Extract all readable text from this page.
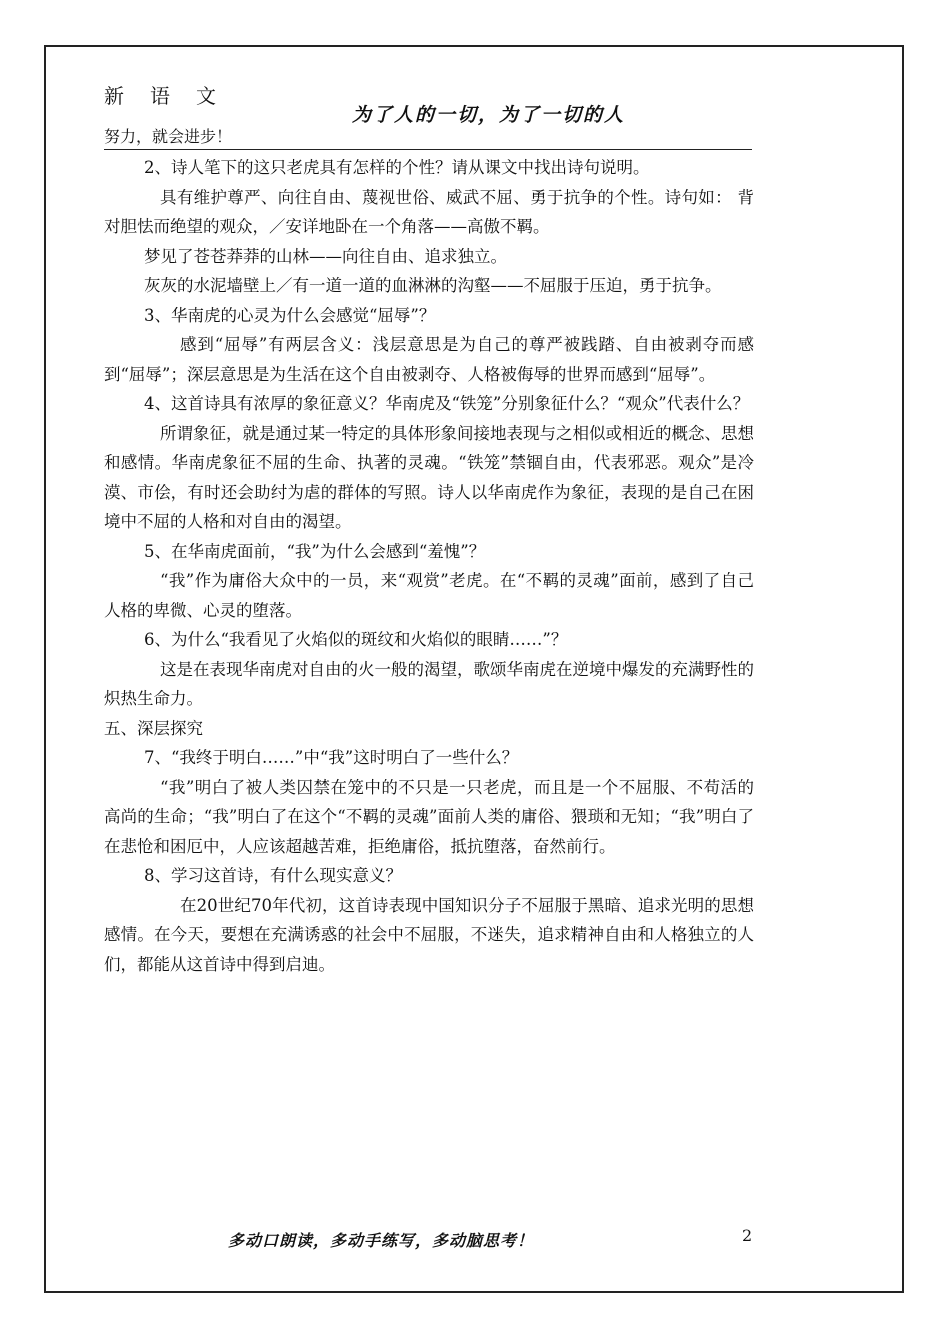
新语文
为了人的一切，为了一切的人
努力，就会进步！

2、诗人笔下的这只老虎具有怎样的个性？请从课文中找出诗句说明。

具有维护尊严、向往自由、蔑视世俗、威武不屈、勇于抗争的个性。诗句如： 背对胆怯而绝望的观众，／安详地卧在一个角落——高傲不羁。

梦见了苍苍莽莽的山林——向往自由、追求独立。

灰灰的水泥墙壁上／有一道一道的血淋淋的沟壑——不屈服于压迫，勇于抗争。

3、华南虎的心灵为什么会感觉“屈辱”？

感到“屈辱”有两层含义：浅层意思是为自己的尊严被践踏、自由被剥夺而感到“屈辱”；深层意思是为生活在这个自由被剥夺、人格被侮辱的世界而感到“屈辱”。

4、这首诗具有浓厚的象征意义？华南虎及“铁笼”分别象征什么？“观众”代表什么？

所谓象征，就是通过某一特定的具体形象间接地表现与之相似或相近的概念、思想和感情。华南虎象征不屈的生命、执著的灵魂。“铁笼”禁锢自由，代表邪恶。观众”是冷漠、市侩，有时还会助纣为虐的群体的写照。诗人以华南虎作为象征，表现的是自己在困境中不屈的人格和对自由的渴望。

5、在华南虎面前，“我”为什么会感到“羞愧”？

“我”作为庸俗大众中的一员，来“观赏”老虎。在“不羁的灵魂”面前，感到了自己人格的卑微、心灵的堕落。

6、为什么“我看见了火焰似的斑纹和火焰似的眼睛……”？

这是在表现华南虎对自由的火一般的渴望，歌颂华南虎在逆境中爆发的充满野性的炽热生命力。

五、深层探究

7、“我终于明白……”中“我”这时明白了一些什么？

“我”明白了被人类囚禁在笼中的不只是一只老虎，而且是一个不屈服、不苟活的高尚的生命；“我”明白了在这个“不羁的灵魂”面前人类的庸俗、猥琐和无知；“我”明白了在悲怆和困厄中，人应该超越苦难，拒绝庸俗，抵抗堕落，奋然前行。

8、学习这首诗，有什么现实意义？

在20世纪70年代初，这首诗表现中国知识分子不屈服于黑暗、追求光明的思想感情。在今天，要想在充满诱惑的社会中不屈服，不迷失，追求精神自由和人格独立的人们，都能从这首诗中得到启迪。

多动口朗读，多动手练写，多动脑思考！	2
